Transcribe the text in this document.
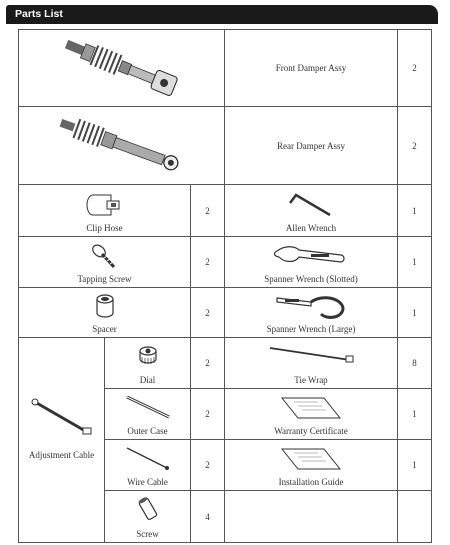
Parts List
	Front Damper Assy	2
	Rear Damper Assy	2

Clip Hose		2	Allen Wrench	1

Tapping Screw		2	Spanner Wrench (Slotted)	1

Spacer		2	Spanner Wrench (Large)	1

Adjustment Cable	Dial	2	Tie Wrap	8

	Outer Case	2	Warranty Certificate	1

	Wire Cable	2	Installation Guide	1

	Screw	4		
